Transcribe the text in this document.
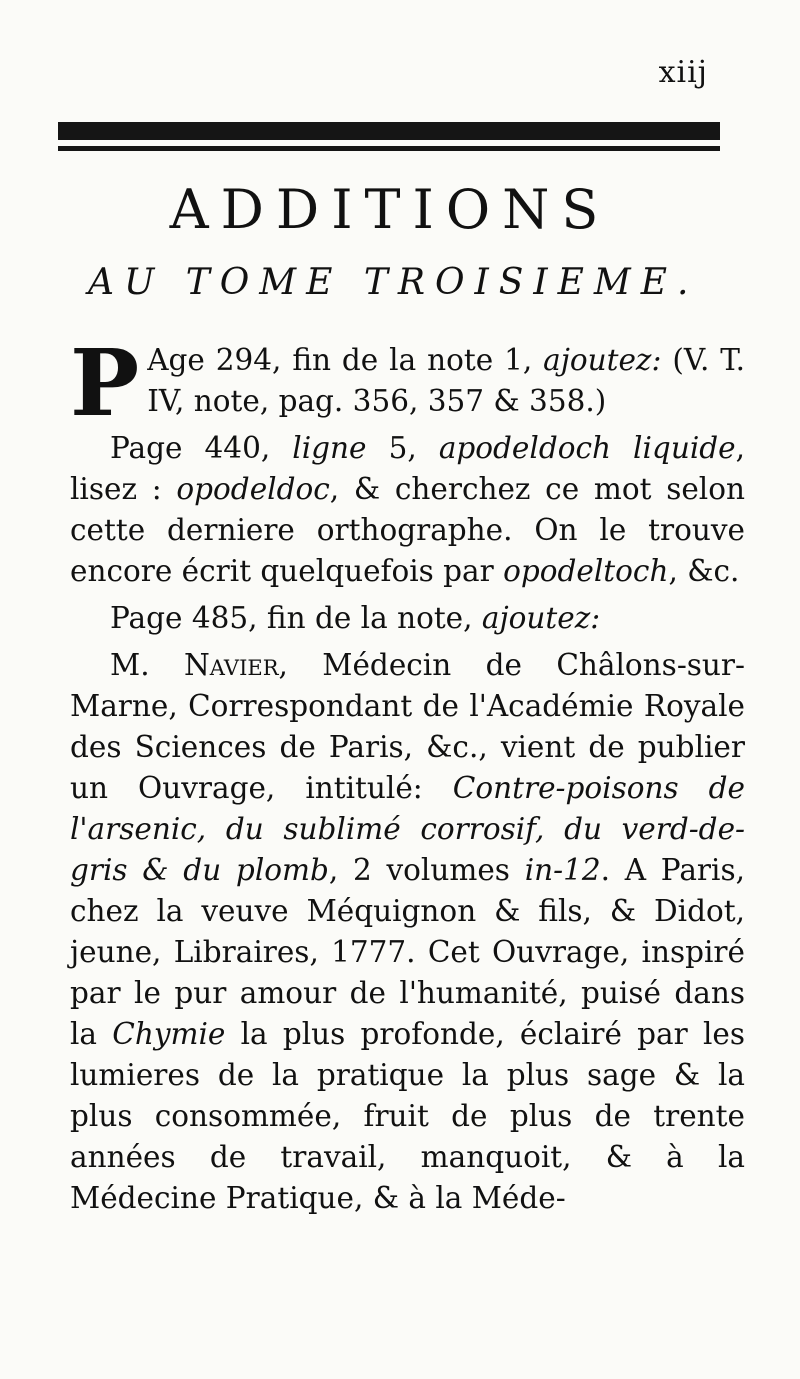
xiij
ADDITIONS
AU TOME TROISIEME.

P Age 294, fin de la note 1, ajoutez: (V. T. IV, note, pag. 356, 357 & 358.)

Page 440, ligne 5, apodeldoch liquide, lisez : opodeldoc, & cherchez ce mot selon cette derniere orthographe. On le trouve encore écrit quelquefois par opodeltoch, &c.

Page 485, fin de la note, ajoutez:

M. Navier, Médecin de Châlons-sur-Marne, Correspondant de l'Académie Royale des Sciences de Paris, &c., vient de publier un Ouvrage, intitulé: Contre-poisons de l'arsenic, du sublimé corrosif, du verd-de-gris & du plomb, 2 volumes in-12. A Paris, chez la veuve Méquignon & fils, & Didot, jeune, Libraires, 1777. Cet Ouvrage, inspiré par le pur amour de l'humanité, puisé dans la Chymie la plus profonde, éclairé par les lumieres de la pratique la plus sage & la plus consommée, fruit de plus de trente années de travail, manquoit, & à la Médecine Pratique, & à la Méde-
